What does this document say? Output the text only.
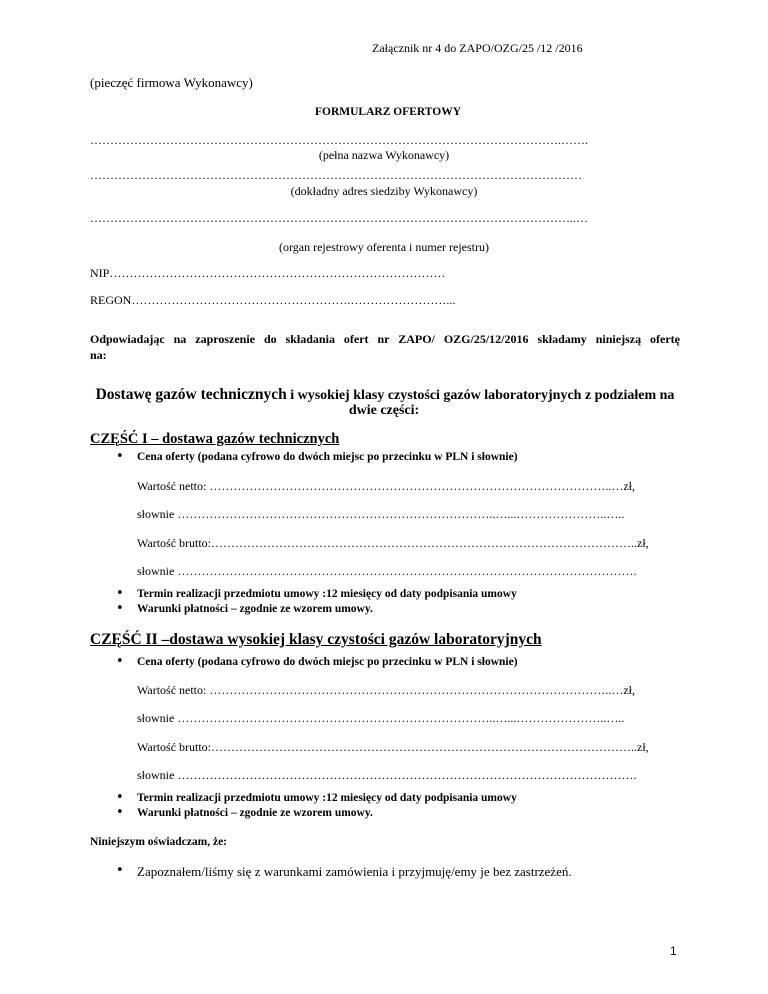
Załącznik nr 4 do ZAPO/OZG/25 /12 /2016
(pieczęć firmowa Wykonawcy)
FORMULARZ OFERTOWY
……………………………………………………………………………………………………….…….
(pełna nazwa Wykonawcy)
……………………………………………………………………………………………………………
(dokładny adres siedziby Wykonawcy)
…………………………………………………………………………………………………………..…
(organ rejestrowy oferenta i numer rejestru)
NIP…………………………………………………………………………
REGON……………………………………………….……………………...
Odpowiadając na zaproszenie do składania ofert nr ZAPO/ OZG/25/12/2016 składamy niniejszą ofertę
na:
Dostawę gazów technicznych i wysokiej klasy czystości gazów laboratoryjnych z podziałem na
dwie części:
CZĘŚĆ I – dostawa gazów technicznych
• Cena oferty (podana cyfrowo do dwóch miejsc po przecinku w PLN i słownie)
Wartość netto: ………………………………………………………………………………………..…zł,
słownie ……………………………………………………………………..…...…………………..…..
Wartość brutto:……………………………………………………………………………………………..zł,
słownie …………………………………………………………………………………………………….
• Termin realizacji przedmiotu umowy :12 miesięcy od daty podpisania umowy
• Warunki płatności – zgodnie ze wzorem umowy.
CZĘŚĆ II –dostawa wysokiej klasy czystości gazów laboratoryjnych
• Cena oferty (podana cyfrowo do dwóch miejsc po przecinku w PLN i słownie)
Wartość netto: ………………………………………………………………………………………..…zł,
słownie ……………………………………………………………………..…...…………………..…..
Wartość brutto:……………………………………………………………………………………………..zł,
słownie …………………………………………………………………………………………………….
• Termin realizacji przedmiotu umowy :12 miesięcy od daty podpisania umowy
• Warunki płatności – zgodnie ze wzorem umowy.
Niniejszym oświadczam, że:
• Zapoznałem/liśmy się z warunkami zamówienia i przyjmuję/emy je bez zastrzeżeń.
1
